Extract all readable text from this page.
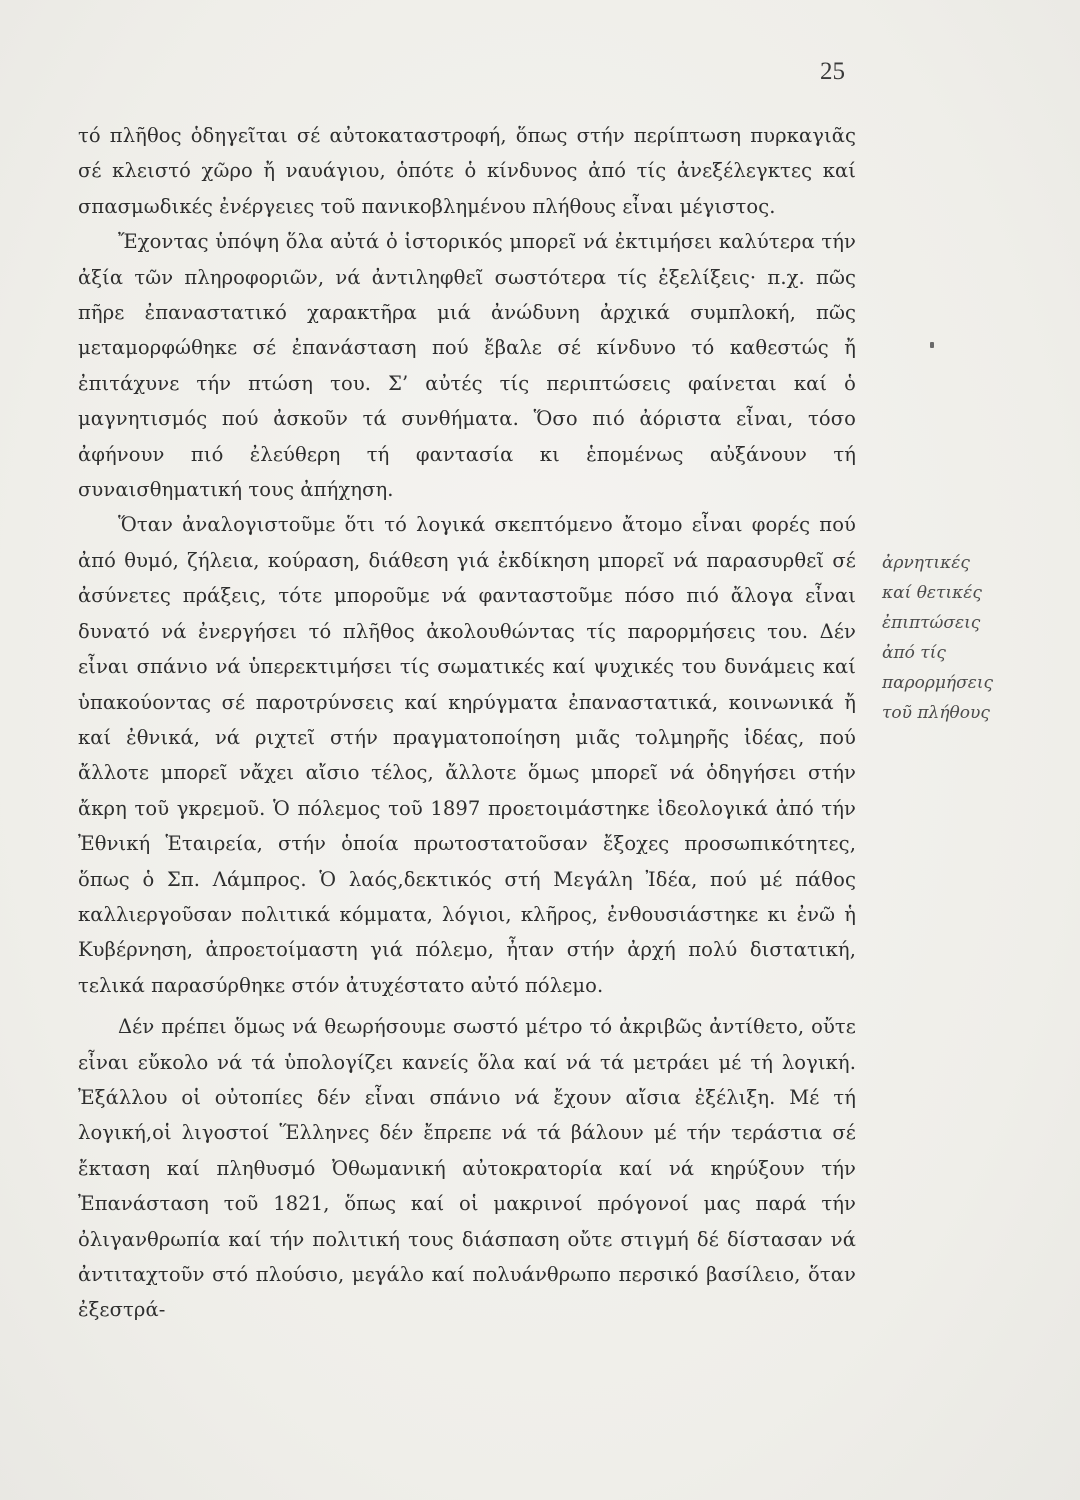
25

τό πλῆθος ὁδηγεῖται σέ αὐτοκαταστροφή, ὅπως στήν περίπτωση πυρκαγιᾶς σέ κλειστό χῶρο ἤ ναυάγιου, ὁπότε ὁ κίνδυνος ἀπό τίς ἀνεξέλεγκτες καί σπασμωδικές ἐνέργειες τοῦ πανικοβλημένου πλήθους εἶναι μέγιστος.

Ἔχοντας ὑπόψη ὅλα αὐτά ὁ ἱστορικός μπορεῖ νά ἐκτιμήσει καλύτερα τήν ἀξία τῶν πληροφοριῶν, νά ἀντιληφθεῖ σωστότερα τίς ἐξελίξεις· π.χ. πῶς πῆρε ἐπαναστατικό χαρακτῆρα μιά ἀνώδυνη ἀρχικά συμπλοκή, πῶς μεταμορφώθηκε σέ ἐπανάσταση πού ἔβαλε σέ κίνδυνο τό καθεστώς ἤ ἐπιτάχυνε τήν πτώση του. Σ’ αὐτές τίς περιπτώσεις φαίνεται καί ὁ μαγνητισμός πού ἀσκοῦν τά συνθήματα. Ὅσο πιό ἀόριστα εἶναι, τόσο ἀφήνουν πιό ἐλεύθερη τή φαντασία κι ἑπομένως αὐξάνουν τή συναισθηματική τους ἀπήχηση.

Ὅταν ἀναλογιστοῦμε ὅτι τό λογικά σκεπτόμενο ἄτομο εἶναι φορές πού ἀπό θυμό, ζήλεια, κούραση, διάθεση γιά ἐκδίκηση μπορεῖ νά παρασυρθεῖ σέ ἀσύνετες πράξεις, τότε μποροῦμε νά φανταστοῦμε πόσο πιό ἄλογα εἶναι δυνατό νά ἐνεργήσει τό πλῆθος ἀκολουθώντας τίς παρορμήσεις του. Δέν εἶναι σπάνιο νά ὑπερεκτιμήσει τίς σωματικές καί ψυχικές του δυνάμεις καί ὑπακούοντας σέ παροτρύνσεις καί κηρύγματα ἐπαναστατικά, κοινωνικά ἤ καί ἐθνικά, νά ριχτεῖ στήν πραγματοποίηση μιᾶς τολμηρῆς ἰδέας, πού ἄλλοτε μπορεῖ νἄχει αἴσιο τέλος, ἄλλοτε ὅμως μπορεῖ νά ὁδηγήσει στήν ἄκρη τοῦ γκρεμοῦ. Ὁ πόλεμος τοῦ 1897 προετοιμάστηκε ἰδεολογικά ἀπό τήν Ἐθνική Ἑταιρεία, στήν ὁποία πρωτοστατοῦσαν ἔξοχες προσωπικότητες, ὅπως ὁ Σπ. Λάμπρος. Ὁ λαός,δεκτικός στή Μεγάλη Ἰδέα, πού μέ πάθος καλλιεργοῦσαν πολιτικά κόμματα, λόγιοι, κλῆρος, ἐνθουσιάστηκε κι ἐνῶ ἡ Κυβέρνηση, ἀπροετοίμαστη γιά πόλεμο, ἦταν στήν ἀρχή πολύ διστατική, τελικά παρασύρθηκε στόν ἀτυχέστατο αὐτό πόλεμο.

Δέν πρέπει ὅμως νά θεωρήσουμε σωστό μέτρο τό ἀκριβῶς ἀντίθετο, οὔτε εἶναι εὔκολο νά τά ὑπολογίζει κανείς ὅλα καί νά τά μετράει μέ τή λογική. Ἐξάλλου οἱ οὐτοπίες δέν εἶναι σπάνιο νά ἔχουν αἴσια ἐξέλιξη. Μέ τή λογική,οἱ λιγοστοί Ἕλληνες δέν ἔπρεπε νά τά βάλουν μέ τήν τεράστια σέ ἔκταση καί πληθυσμό Ὀθωμανική αὐτοκρατορία καί νά κηρύξουν τήν Ἐπανάσταση τοῦ 1821, ὅπως καί οἱ μακρινοί πρόγονοί μας παρά τήν ὀλιγανθρωπία καί τήν πολιτική τους διάσπαση οὔτε στιγμή δέ δίστασαν νά ἀντιταχτοῦν στό πλούσιο, μεγάλο καί πολυάνθρωπο περσικό βασίλειο, ὅταν ἐξεστρά-

ἀρνητικές
καί θετικές
ἐπιπτώσεις
ἀπό τίς
παρορμήσεις
τοῦ πλήθους
